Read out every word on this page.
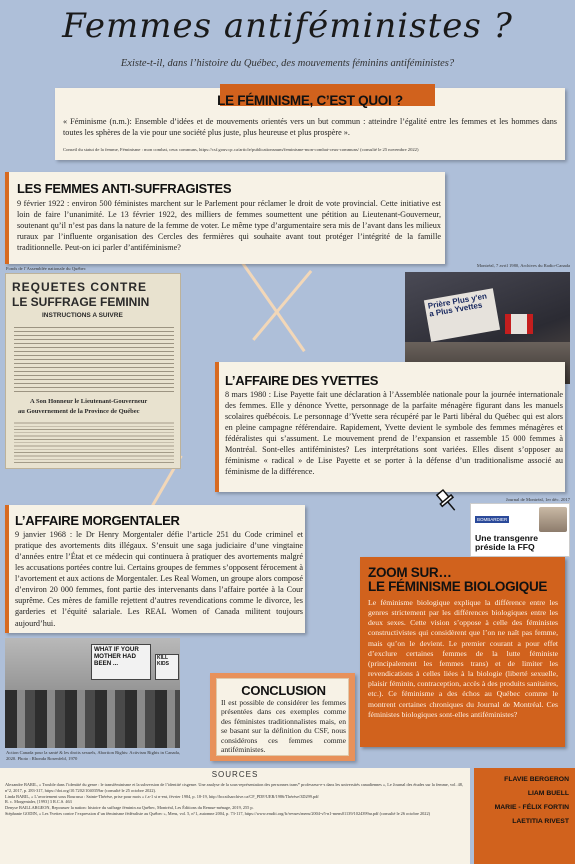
Femmes antiféministes ?
Existe-t-il, dans l’histoire du Québec, des mouvements féminins antiféministes?
LE FÉMINISME, C’EST QUOI ?
« Féminisme (n.m.): Ensemble d’idées et de mouvements orientés vers un but commun : atteindre l’égalité entre les femmes et les hommes dans toutes les sphères de la vie pour une société plus juste, plus heureuse et plus prospère ».
Conseil du statut de la femme, Féminisme : mon combat, ceux communs, https://csf.gouv.qc.ca/article/publicationsnum/feminisme-mon-combat-ceux-communs/ (consulté le 25 novembre 2022)
LES FEMMES ANTI-SUFFRAGISTES
9 février 1922 : environ 500 féministes marchent sur le Parlement pour réclamer le droit de vote provincial. Cette initiative est loin de faire l’unanimité. Le 13 février 1922, des milliers de femmes soumettent une pétition au Lieutenant-Gouverneur, soutenant qu’il n’est pas dans la nature de la femme de voter. Le même type d’argumentaire sera mis de l’avant dans les milieux ruraux par l’influente organisation des Cercles des fermières qui souhaite avant tout protéger l’intégrité de la famille traditionnelle. Peut-on ici parler d’antiféminisme?
Fonds de l’Assemblée nationale du Québec
REQUETES CONTRE
LE SUFFRAGE FEMININ
INSTRUCTIONS A SUIVRE
A Son Honneur le Lieutenant-Gouverneur
au Gouvernement de la Province de Québec
Montréal, 7 avril 1980, Archives du Radio-Canada
Prière Plus y'en a Plus Yvettes
L’AFFAIRE DES YVETTES
8 mars 1980 : Lise Payette fait une déclaration à l’Assemblée nationale pour la journée internationale des femmes. Elle y dénonce Yvette, personnage de la parfaite ménagère figurant dans les manuels scolaires québécois. Le personnage d’Yvette sera récupéré par le Parti libéral du Québec qui est alors en pleine campagne référendaire. Rapidement, Yvette devient le symbole des femmes ménagères et fédéralistes qui s’assument. Le mouvement prend de l’expansion et rassemble 15 000 femmes à Montréal. Sont-elles antiféministes? Les interprétations sont variées. Elles disent s’opposer au féminisme « radical » de Lise Payette et se porter à la défense d’un traditionalisme associé au féminisme de la différence.
Journal de Montréal, 1er déc. 2017
BOMBARDIER
Une transgenre préside la FFQ
L’AFFAIRE MORGENTALER
9 janvier 1968 : le Dr Henry Morgentaler défie l’article 251 du Code criminel et pratique des avortements dits illégaux. S’ensuit une saga judiciaire d’une vingtaine d’années entre l’État et ce médecin qui continuera à pratiquer des avortements malgré les accusations portées contre lui. Certains groupes de femmes s’opposent férocement à l’avortement et aux actions de Morgentaler. Les Real Women, un groupe alors composé d’environ 20 000 femmes, font partie des intervenants dans l’affaire portée à la Cour suprême. Ces mères de famille rejettent d’autres revendications comme le divorce, les garderies et l’équité salariale. Les REAL Women of Canada militent toujours aujourd’hui.
ZOOM SUR…
LE FÉMINISME BIOLOGIQUE
Le féminisme biologique explique la différence entre les genres strictement par les différences biologiques entre les deux sexes. Cette vision s’oppose à celle des féministes constructivistes qui considèrent que l’on ne naît pas femme, mais qu’on le devient. Le premier courant a pour effet d’exclure certaines femmes de la lutte féministe (principalement les femmes trans) et de limiter les revendications à celles liées à la biologie (liberté sexuelle, plaisir féminin, contraception, accès à des produits sanitaires, etc.). Ce féminisme a des échos au Québec comme le montrent certaines chroniques du Journal de Montréal. Ces féministes biologiques sont-elles antiféministes?
WHAT IF YOUR MOTHER HAD BEEN ...
KILL KIDS
Action Canada pour la santé & les droits sexuels, Abortion Rights: Activism Rights in Canada, 2020. Photo : Rhonda Rosenfeld, 1970
CONCLUSION
Il est possible de considérer les femmes présentées dans ces exemples comme des féministes traditionnalistes mais, en se basant sur la définition du CSF, nous considérons ces femmes comme antiféministes.
SOURCES
Alexandre BARIL, « Trouble dans l’identité du genre : le transféminisme et la subversion de l’identité cisgenre. Une analyse de la sous-représentation des personnes trans* professeur-e-s dans les universités canadiennes », Le Journal des études sur la femme, vol. 48, n°2, 2017, p. 283-317, https://doi.org/10.7202/1040359ar (consulté le 25 octobre 2022).
Linda BARIL, « L’avortement sous Bourassa : Sainte-Thérèse, prise pour mois « f.a-1 si n-ent, février 1984, p. 18-19, http://bcrailsarchive.ca/CF_PDF/UER/1986/Thérèse/3D299.pdf
R. c. Morgentaler, [1993] 3 R.C.S. 463
Denyse BAILLARGEON, Repousser la nation: histoire du suffrage féminin au Québec, Montréal, Les Éditions du Remue-ménage, 2019, 255 p.
Stéphanie GODIN, « Les Yvettes contre l’expression d’un féminisme fédéraliste au Québec », Mens, vol. 5, n°1, automne 2004, p. 73-117, https://www.erudit.org/fr/revues/mens/2004-v5-n1-mens01139/1024399ar.pdf (consulté le 26 octobre 2022)
FLAVIE BERGERON
LIAM BUELL
MARIE - FÉLIX FORTIN
LAETITIA RIVEST
